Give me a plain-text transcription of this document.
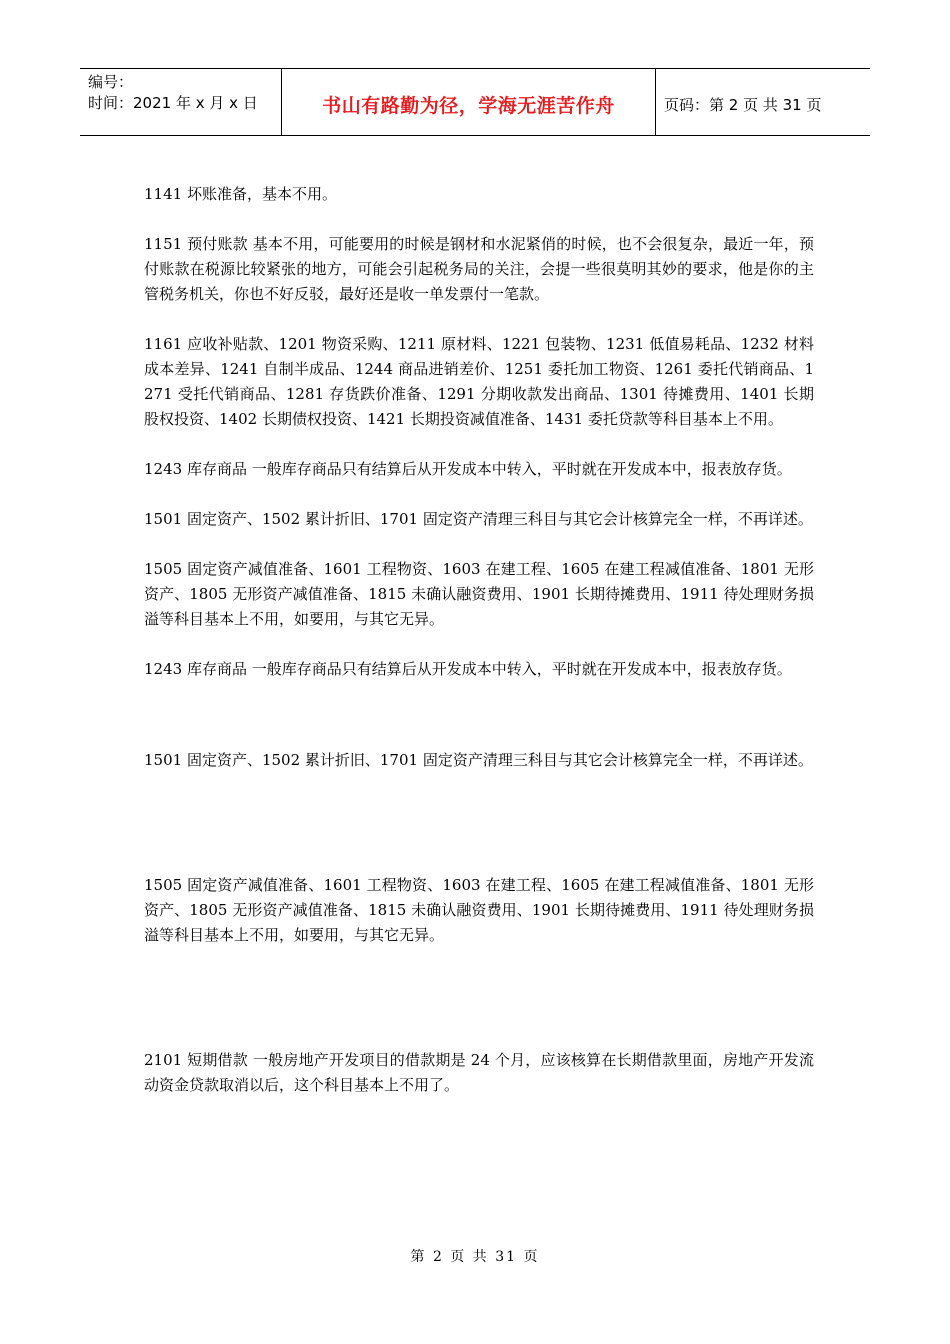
编号：
时间：2021 年 x 月 x 日	书山有路勤为径，学海无涯苦作舟	页码：第 2 页 共 31 页

1141 坏账准备，基本不用。

1151 预付账款 基本不用，可能要用的时候是钢材和水泥紧俏的时候，也不会很复杂，最近一年，预付账款在税源比较紧张的地方，可能会引起税务局的关注，会提一些很莫明其妙的要求，他是你的主管税务机关，你也不好反驳，最好还是收一单发票付一笔款。

1161 应收补贴款、1201 物资采购、1211 原材料、1221 包装物、1231 低值易耗品、1232 材料成本差异、1241 自制半成品、1244 商品进销差价、1251 委托加工物资、1261 委托代销商品、1271 受托代销商品、1281 存货跌价准备、1291 分期收款发出商品、1301 待摊费用、1401 长期股权投资、1402 长期债权投资、1421 长期投资减值准备、1431 委托贷款等科目基本上不用。

1243 库存商品 一般库存商品只有结算后从开发成本中转入，平时就在开发成本中，报表放存货。

1501 固定资产、1502 累计折旧、1701 固定资产清理三科目与其它会计核算完全一样，不再详述。

1505 固定资产减值准备、1601 工程物资、1603 在建工程、1605 在建工程减值准备、1801 无形资产、1805 无形资产减值准备、1815 未确认融资费用、1901 长期待摊费用、1911 待处理财务损溢等科目基本上不用，如要用，与其它无异。

1243 库存商品 一般库存商品只有结算后从开发成本中转入，平时就在开发成本中，报表放存货。

1501 固定资产、1502 累计折旧、1701 固定资产清理三科目与其它会计核算完全一样，不再详述。

1505 固定资产减值准备、1601 工程物资、1603 在建工程、1605 在建工程减值准备、1801 无形资产、1805 无形资产减值准备、1815 未确认融资费用、1901 长期待摊费用、1911 待处理财务损溢等科目基本上不用，如要用，与其它无异。

2101 短期借款 一般房地产开发项目的借款期是 24 个月，应该核算在长期借款里面，房地产开发流动资金贷款取消以后，这个科目基本上不用了。

第 2 页 共 31 页
